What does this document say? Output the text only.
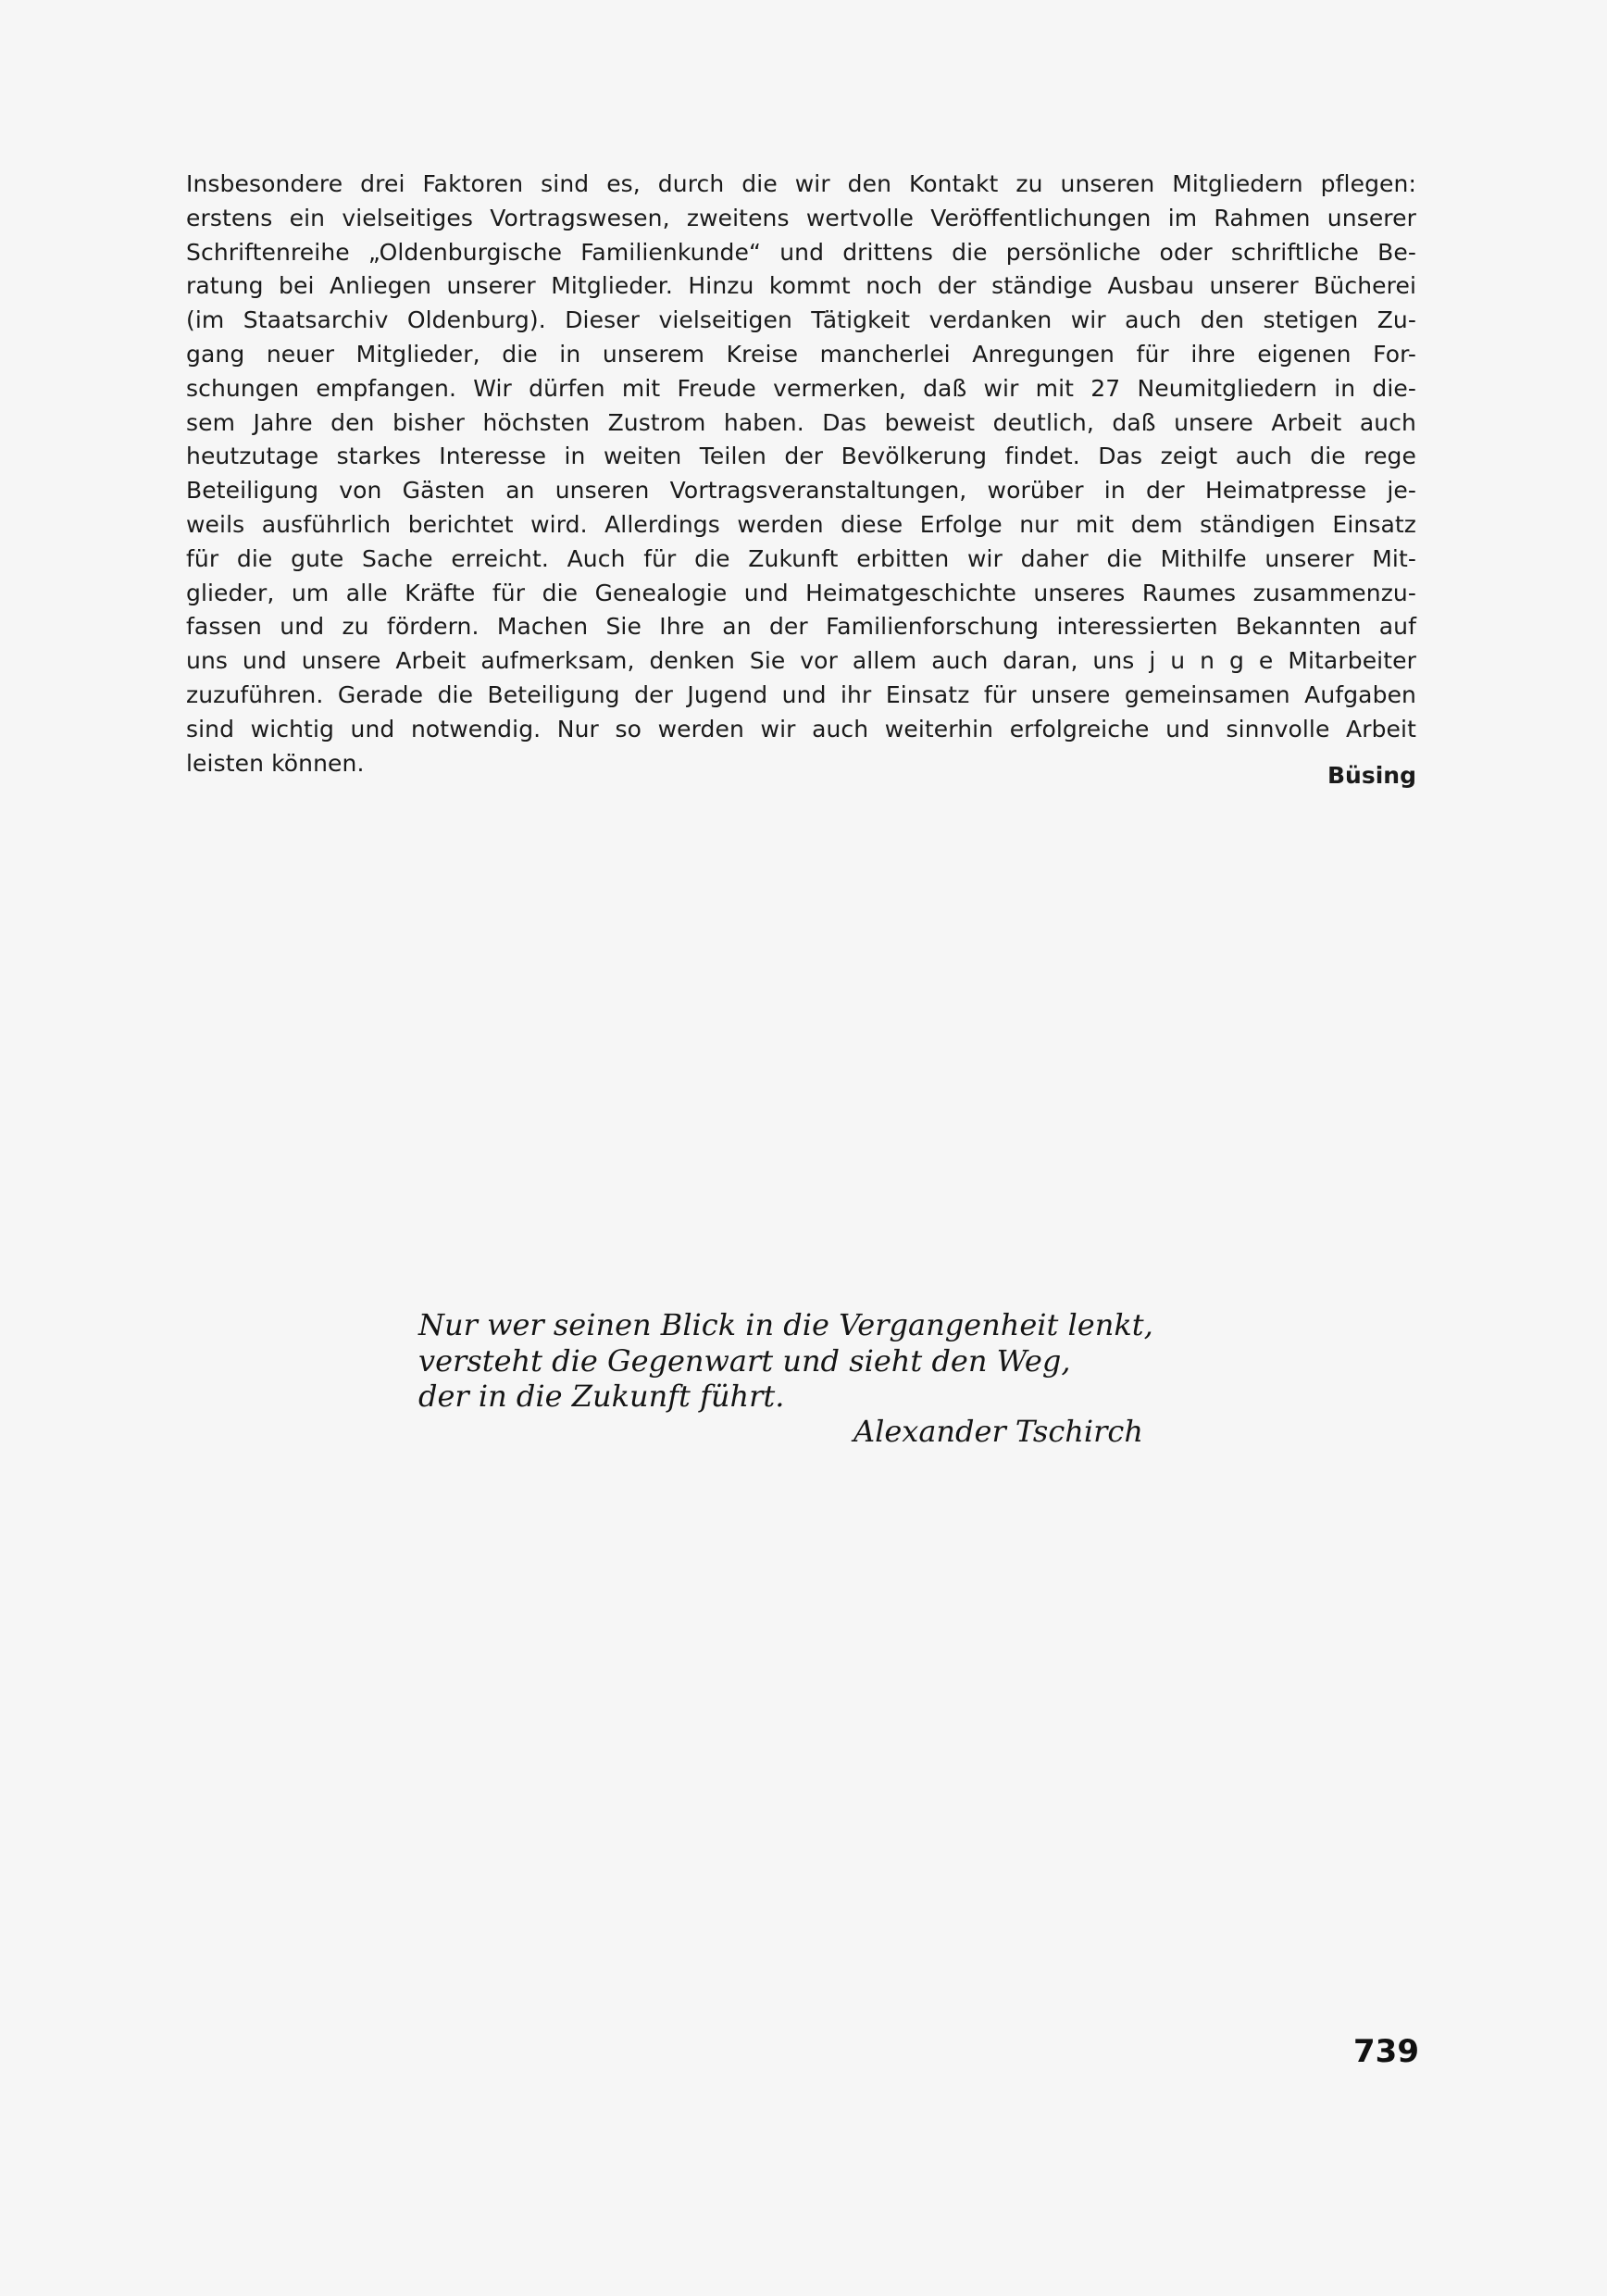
Insbesondere drei Faktoren sind es, durch die wir den Kontakt zu unseren Mitgliedern pflegen:
erstens ein vielseitiges Vortragswesen, zweitens wertvolle Veröffentlichungen im Rahmen unserer
Schriftenreihe „Oldenburgische Familienkunde“ und drittens die persönliche oder schriftliche Be-
ratung bei Anliegen unserer Mitglieder. Hinzu kommt noch der ständige Ausbau unserer Bücherei
(im Staatsarchiv Oldenburg). Dieser vielseitigen Tätigkeit verdanken wir auch den stetigen Zu-
gang neuer Mitglieder, die in unserem Kreise mancherlei Anregungen für ihre eigenen For-
schungen empfangen. Wir dürfen mit Freude vermerken, daß wir mit 27 Neumitgliedern in die-
sem Jahre den bisher höchsten Zustrom haben. Das beweist deutlich, daß unsere Arbeit auch
heutzutage starkes Interesse in weiten Teilen der Bevölkerung findet. Das zeigt auch die rege
Beteiligung von Gästen an unseren Vortragsveranstaltungen, worüber in der Heimatpresse je-
weils ausführlich berichtet wird. Allerdings werden diese Erfolge nur mit dem ständigen Einsatz
für die gute Sache erreicht. Auch für die Zukunft erbitten wir daher die Mithilfe unserer Mit-
glieder, um alle Kräfte für die Genealogie und Heimatgeschichte unseres Raumes zusammenzu-
fassen und zu fördern. Machen Sie Ihre an der Familienforschung interessierten Bekannten auf
uns und unsere Arbeit aufmerksam, denken Sie vor allem auch daran, uns j u n g e Mitarbeiter
zuzuführen. Gerade die Beteiligung der Jugend und ihr Einsatz für unsere gemeinsamen Aufgaben
sind wichtig und notwendig. Nur so werden wir auch weiterhin erfolgreiche und sinnvolle Arbeit
leisten können.	Büsing
Nur wer seinen Blick in die Vergangenheit lenkt,
versteht die Gegenwart und sieht den Weg,
der in die Zukunft führt.
Alexander Tschirch
739
